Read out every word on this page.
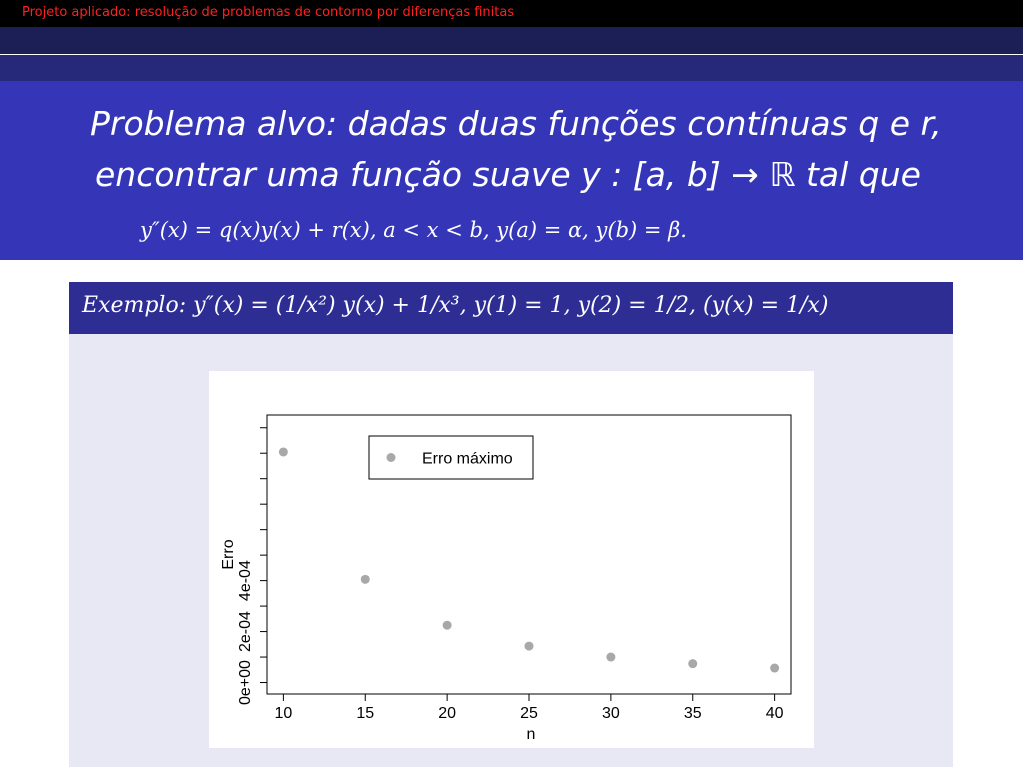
Projeto aplicado: resolução de problemas de contorno por diferenças finitas
Problema alvo: dadas duas funções contínuas q e r,
encontrar uma função suave y : [a, b] → ℝ tal que
y″(x) = q(x)y(x) + r(x), a < x < b, y(a) = α, y(b) = β.
Exemplo: y″(x) = (1/x²) y(x) + 1/x³, y(1) = 1, y(2) = 1/2, (y(x) = 1/x)
10	15	20	25	30	35	40
0e+00
2e-04
4e-04
n
Erro
Erro máximo
